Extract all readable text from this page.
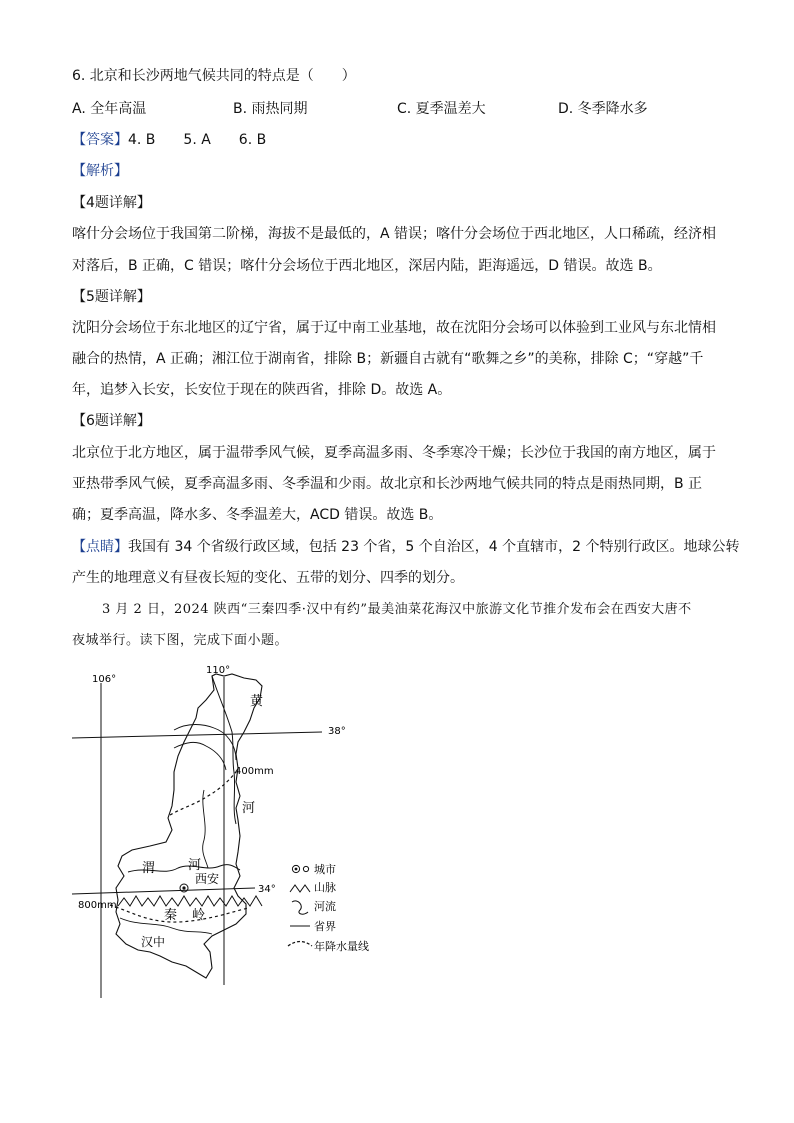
6. 北京和长沙两地气候共同的特点是（　　）
A. 全年高温	B. 雨热同期	C. 夏季温差大	D. 冬季降水多
【答案】4. B　　5. A　　6. B
【解析】
【4题详解】
喀什分会场位于我国第二阶梯，海拔不是最低的，A 错误；喀什分会场位于西北地区，人口稀疏，经济相
对落后，B 正确，C 错误；喀什分会场位于西北地区，深居内陆，距海遥远，D 错误。故选 B。
【5题详解】
沈阳分会场位于东北地区的辽宁省，属于辽中南工业基地，故在沈阳分会场可以体验到工业风与东北情相
融合的热情，A 正确；湘江位于湖南省，排除 B；新疆自古就有“歌舞之乡”的美称，排除 C；“穿越”千
年，追梦入长安，长安位于现在的陕西省，排除 D。故选 A。
【6题详解】
北京位于北方地区，属于温带季风气候，夏季高温多雨、冬季寒冷干燥；长沙位于我国的南方地区，属于
亚热带季风气候，夏季高温多雨、冬季温和少雨。故北京和长沙两地气候共同的特点是雨热同期，B 正
确；夏季高温，降水多、冬季温差大，ACD 错误。故选 B。
【点睛】我国有 34 个省级行政区域，包括 23 个省，5 个自治区，4 个直辖市，2 个特别行政区。地球公转
产生的地理意义有昼夜长短的变化、五带的划分、四季的划分。
3 月 2 日，2024 陕西“三秦四季·汉中有约”最美油菜花海汉中旅游文化节推介发布会在西安大唐不
夜城举行。读下图，完成下面小题。
106°
110°
38°
34°
黄
河
渭	河
西安
秦 岭
汉中
400mm
800mm
城市
山脉
河流
省界
年降水量线
